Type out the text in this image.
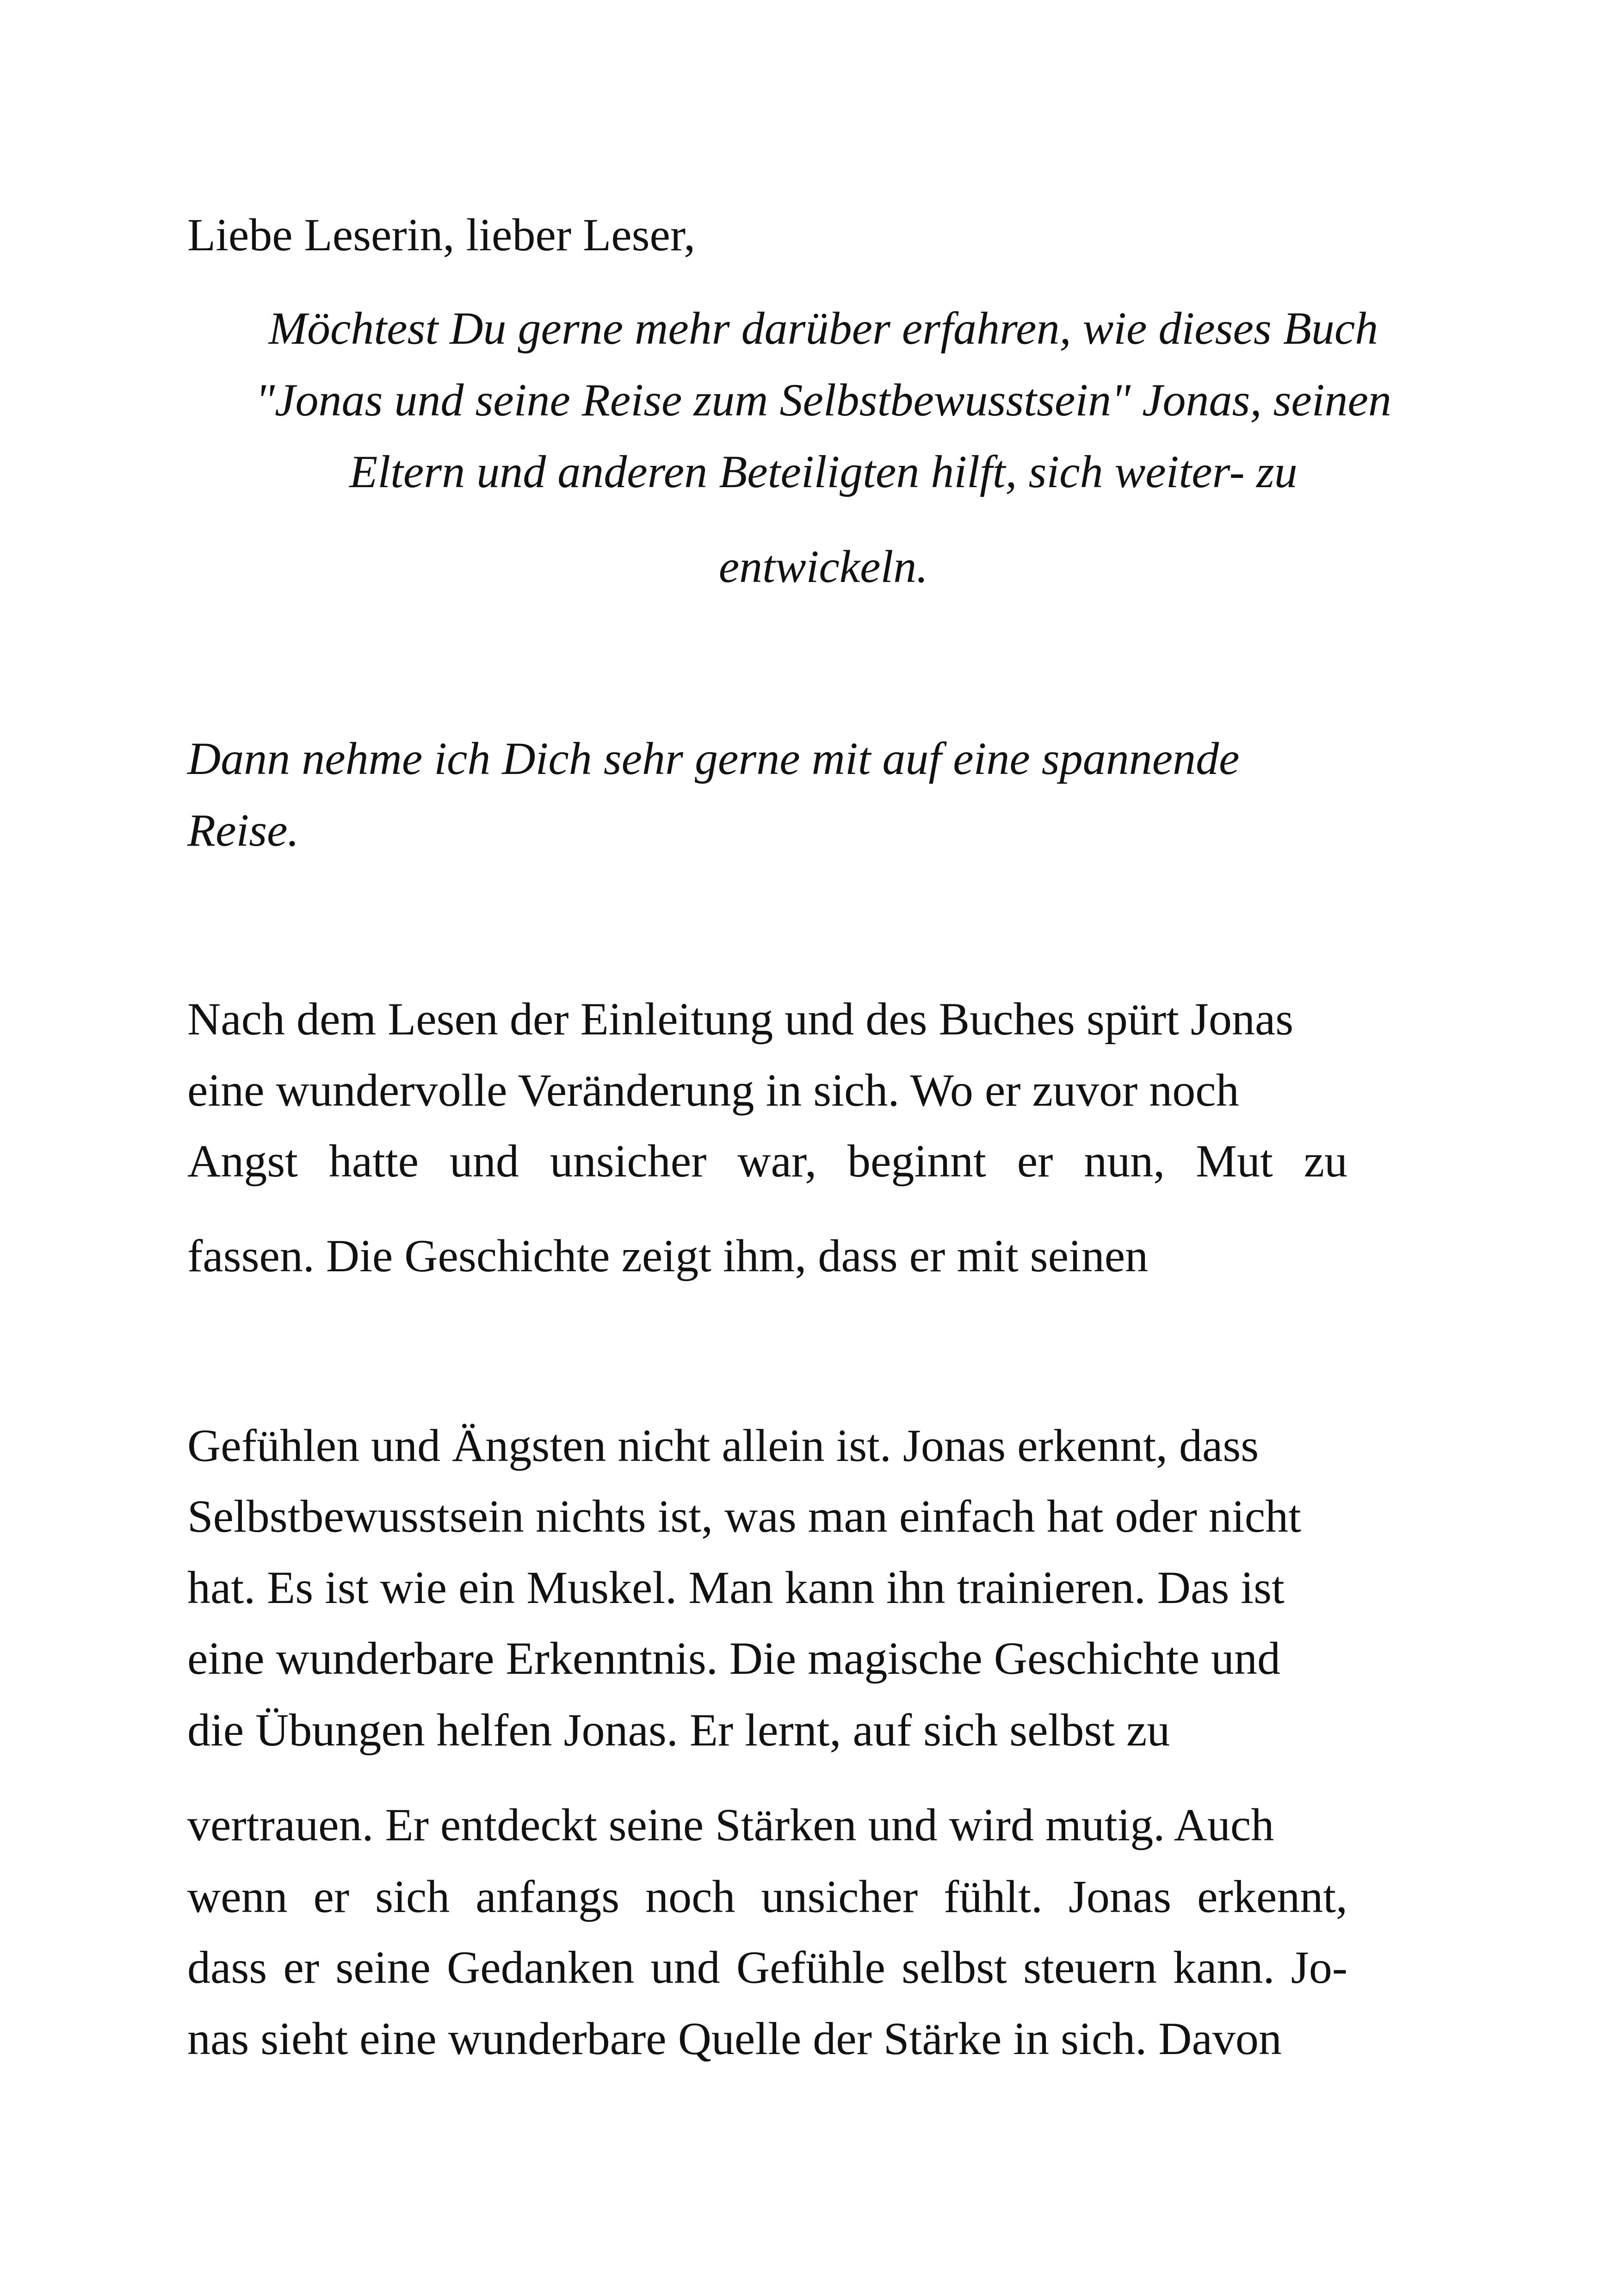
Liebe Leserin, lieber Leser,

Möchtest Du gerne mehr darüber erfahren, wie dieses Buch

"Jonas und seine Reise zum Selbstbewusstsein" Jonas, seinen

Eltern und anderen Beteiligten hilft, sich weiter- zu

entwickeln.

Dann nehme ich Dich sehr gerne mit auf eine spannende

Reise.

Nach dem Lesen der Einleitung und des Buches spürt Jonas

eine wundervolle Veränderung in sich. Wo er zuvor noch

Angst hatte und unsicher war, beginnt er nun, Mut zu

fassen. Die Geschichte zeigt ihm, dass er mit seinen

Gefühlen und Ängsten nicht allein ist. Jonas erkennt, dass

Selbstbewusstsein nichts ist, was man einfach hat oder nicht

hat. Es ist wie ein Muskel. Man kann ihn trainieren. Das ist

eine wunderbare Erkenntnis. Die magische Geschichte und

die Übungen helfen Jonas. Er lernt, auf sich selbst zu

vertrauen. Er entdeckt seine Stärken und wird mutig. Auch

wenn er sich anfangs noch unsicher fühlt. Jonas erkennt,

dass er seine Gedanken und Gefühle selbst steuern kann. Jo-

nas sieht eine wunderbare Quelle der Stärke in sich. Davon
